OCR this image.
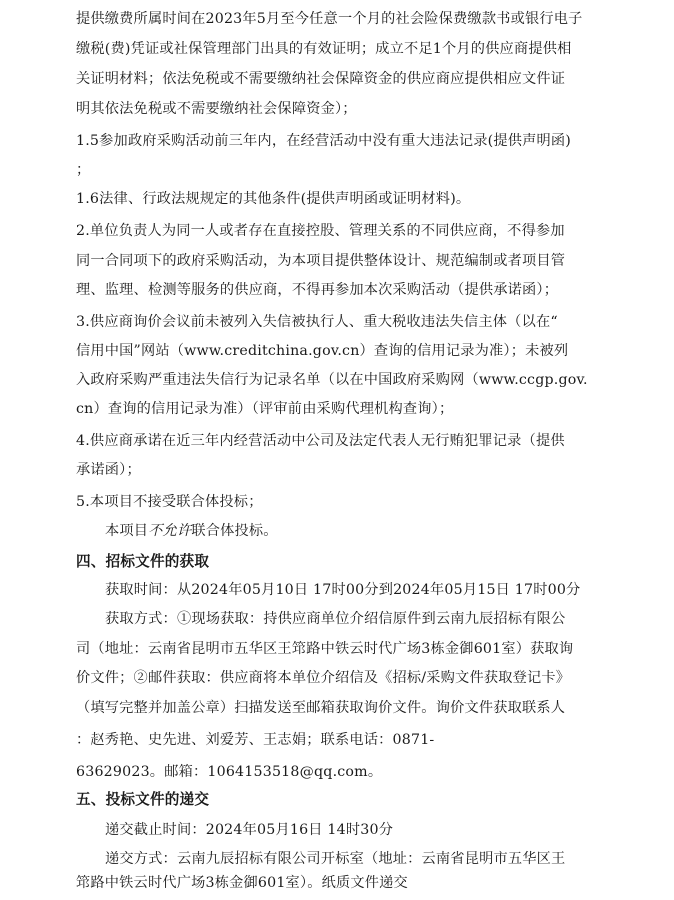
提供缴费所属时间在2023年5月至今任意一个月的社会险保费缴款书或银行电子
缴税(费)凭证或社保管理部门出具的有效证明；成立不足1个月的供应商提供相
关证明材料；依法免税或不需要缴纳社会保障资金的供应商应提供相应文件证
明其依法免税或不需要缴纳社会保障资金）；
1.5参加政府采购活动前三年内，在经营活动中没有重大违法记录(提供声明函)
；
1.6法律、行政法规规定的其他条件(提供声明函或证明材料)。
2.单位负责人为同一人或者存在直接控股、管理关系的不同供应商，不得参加
同一合同项下的政府采购活动，为本项目提供整体设计、规范编制或者项目管
理、监理、检测等服务的供应商，不得再参加本次采购活动（提供承诺函）；
3.供应商询价会议前未被列入失信被执行人、重大税收违法失信主体（以在“
信用中国”网站（www.creditchina.gov.cn）查询的信用记录为准）；未被列
入政府采购严重违法失信行为记录名单（以在中国政府采购网（www.ccgp.gov.
cn）查询的信用记录为准）（评审前由采购代理机构查询）；
4.供应商承诺在近三年内经营活动中公司及法定代表人无行贿犯罪记录（提供
承诺函）；
5.本项目不接受联合体投标；
本项目不允许联合体投标。
四、招标文件的获取
获取时间：从2024年05月10日 17时00分到2024年05月15日 17时00分
获取方式：①现场获取：持供应商单位介绍信原件到云南九辰招标有限公
司（地址：云南省昆明市五华区王筇路中铁云时代广场3栋金御601室）获取询
价文件；②邮件获取：供应商将本单位介绍信及《招标/采购文件获取登记卡》
（填写完整并加盖公章）扫描发送至邮箱获取询价文件。询价文件获取联系人
：赵秀艳、史先进、刘爱芳、王志娟；联系电话：0871-
63629023。邮箱：1064153518@qq.com。
五、投标文件的递交
递交截止时间：2024年05月16日 14时30分
递交方式：云南九辰招标有限公司开标室（地址：云南省昆明市五华区王
筇路中铁云时代广场3栋金御601室）。纸质文件递交
